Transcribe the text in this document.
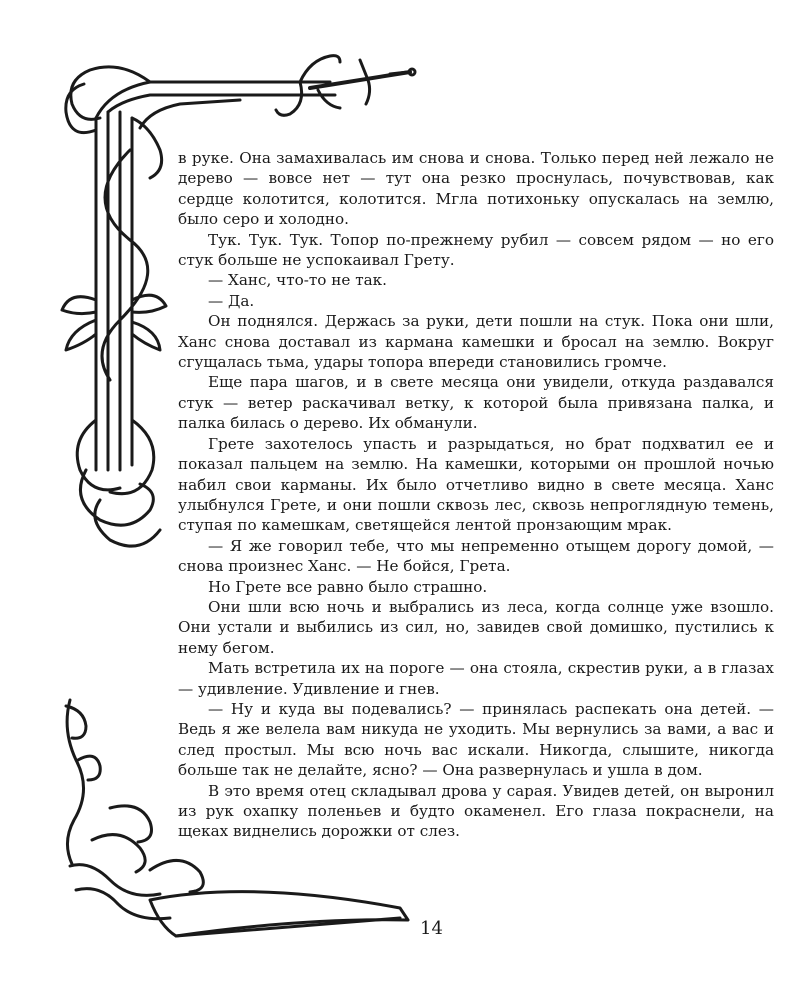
в руке. Она замахивалась им снова и снова. Только перед ней лежало не дерево — вовсе нет — тут она резко проснулась, почувствовав, как сердце колотится, колотится. Мгла потихоньку опускалась на землю, было серо и холодно.

Тук. Тук. Тук. Топор по-прежнему рубил — совсем рядом — но его стук больше не успокаивал Грету.

— Ханс, что-то не так.

— Да.

Он поднялся. Держась за руки, дети пошли на стук. Пока они шли, Ханс снова доставал из кармана камешки и бросал на землю. Вокруг сгущалась тьма, удары топора впереди становились громче.

Еще пара шагов, и в свете месяца они увидели, откуда раздавался стук — ветер раскачивал ветку, к которой была привязана палка, и палка билась о дерево. Их обманули.

Грете захотелось упасть и разрыдаться, но брат подхватил ее и показал пальцем на землю. На камешки, которыми он прошлой ночью набил свои карманы. Их было отчетливо видно в свете месяца. Ханс улыбнулся Грете, и они пошли сквозь лес, сквозь непроглядную темень, ступая по камешкам, светящейся лентой пронзающим мрак.

— Я же говорил тебе, что мы непременно отыщем дорогу домой, — снова произнес Ханс. — Не бойся, Грета.

Но Грете все равно было страшно.

Они шли всю ночь и выбрались из леса, когда солнце уже взошло. Они устали и выбились из сил, но, завидев свой домишко, пустились к нему бегом.

Мать встретила их на пороге — она стояла, скрестив руки, а в глазах — удивление. Удивление и гнев.

— Ну и куда вы подевались? — принялась распекать она детей. — Ведь я же велела вам никуда не уходить. Мы вернулись за вами, а вас и след простыл. Мы всю ночь вас искали. Никогда, слышите, никогда больше так не делайте, ясно? — Она развернулась и ушла в дом.

В это время отец складывал дрова у сарая. Увидев детей, он выронил из рук охапку поленьев и будто окаменел. Его глаза покраснели, на щеках виднелись дорожки от слез.

14
